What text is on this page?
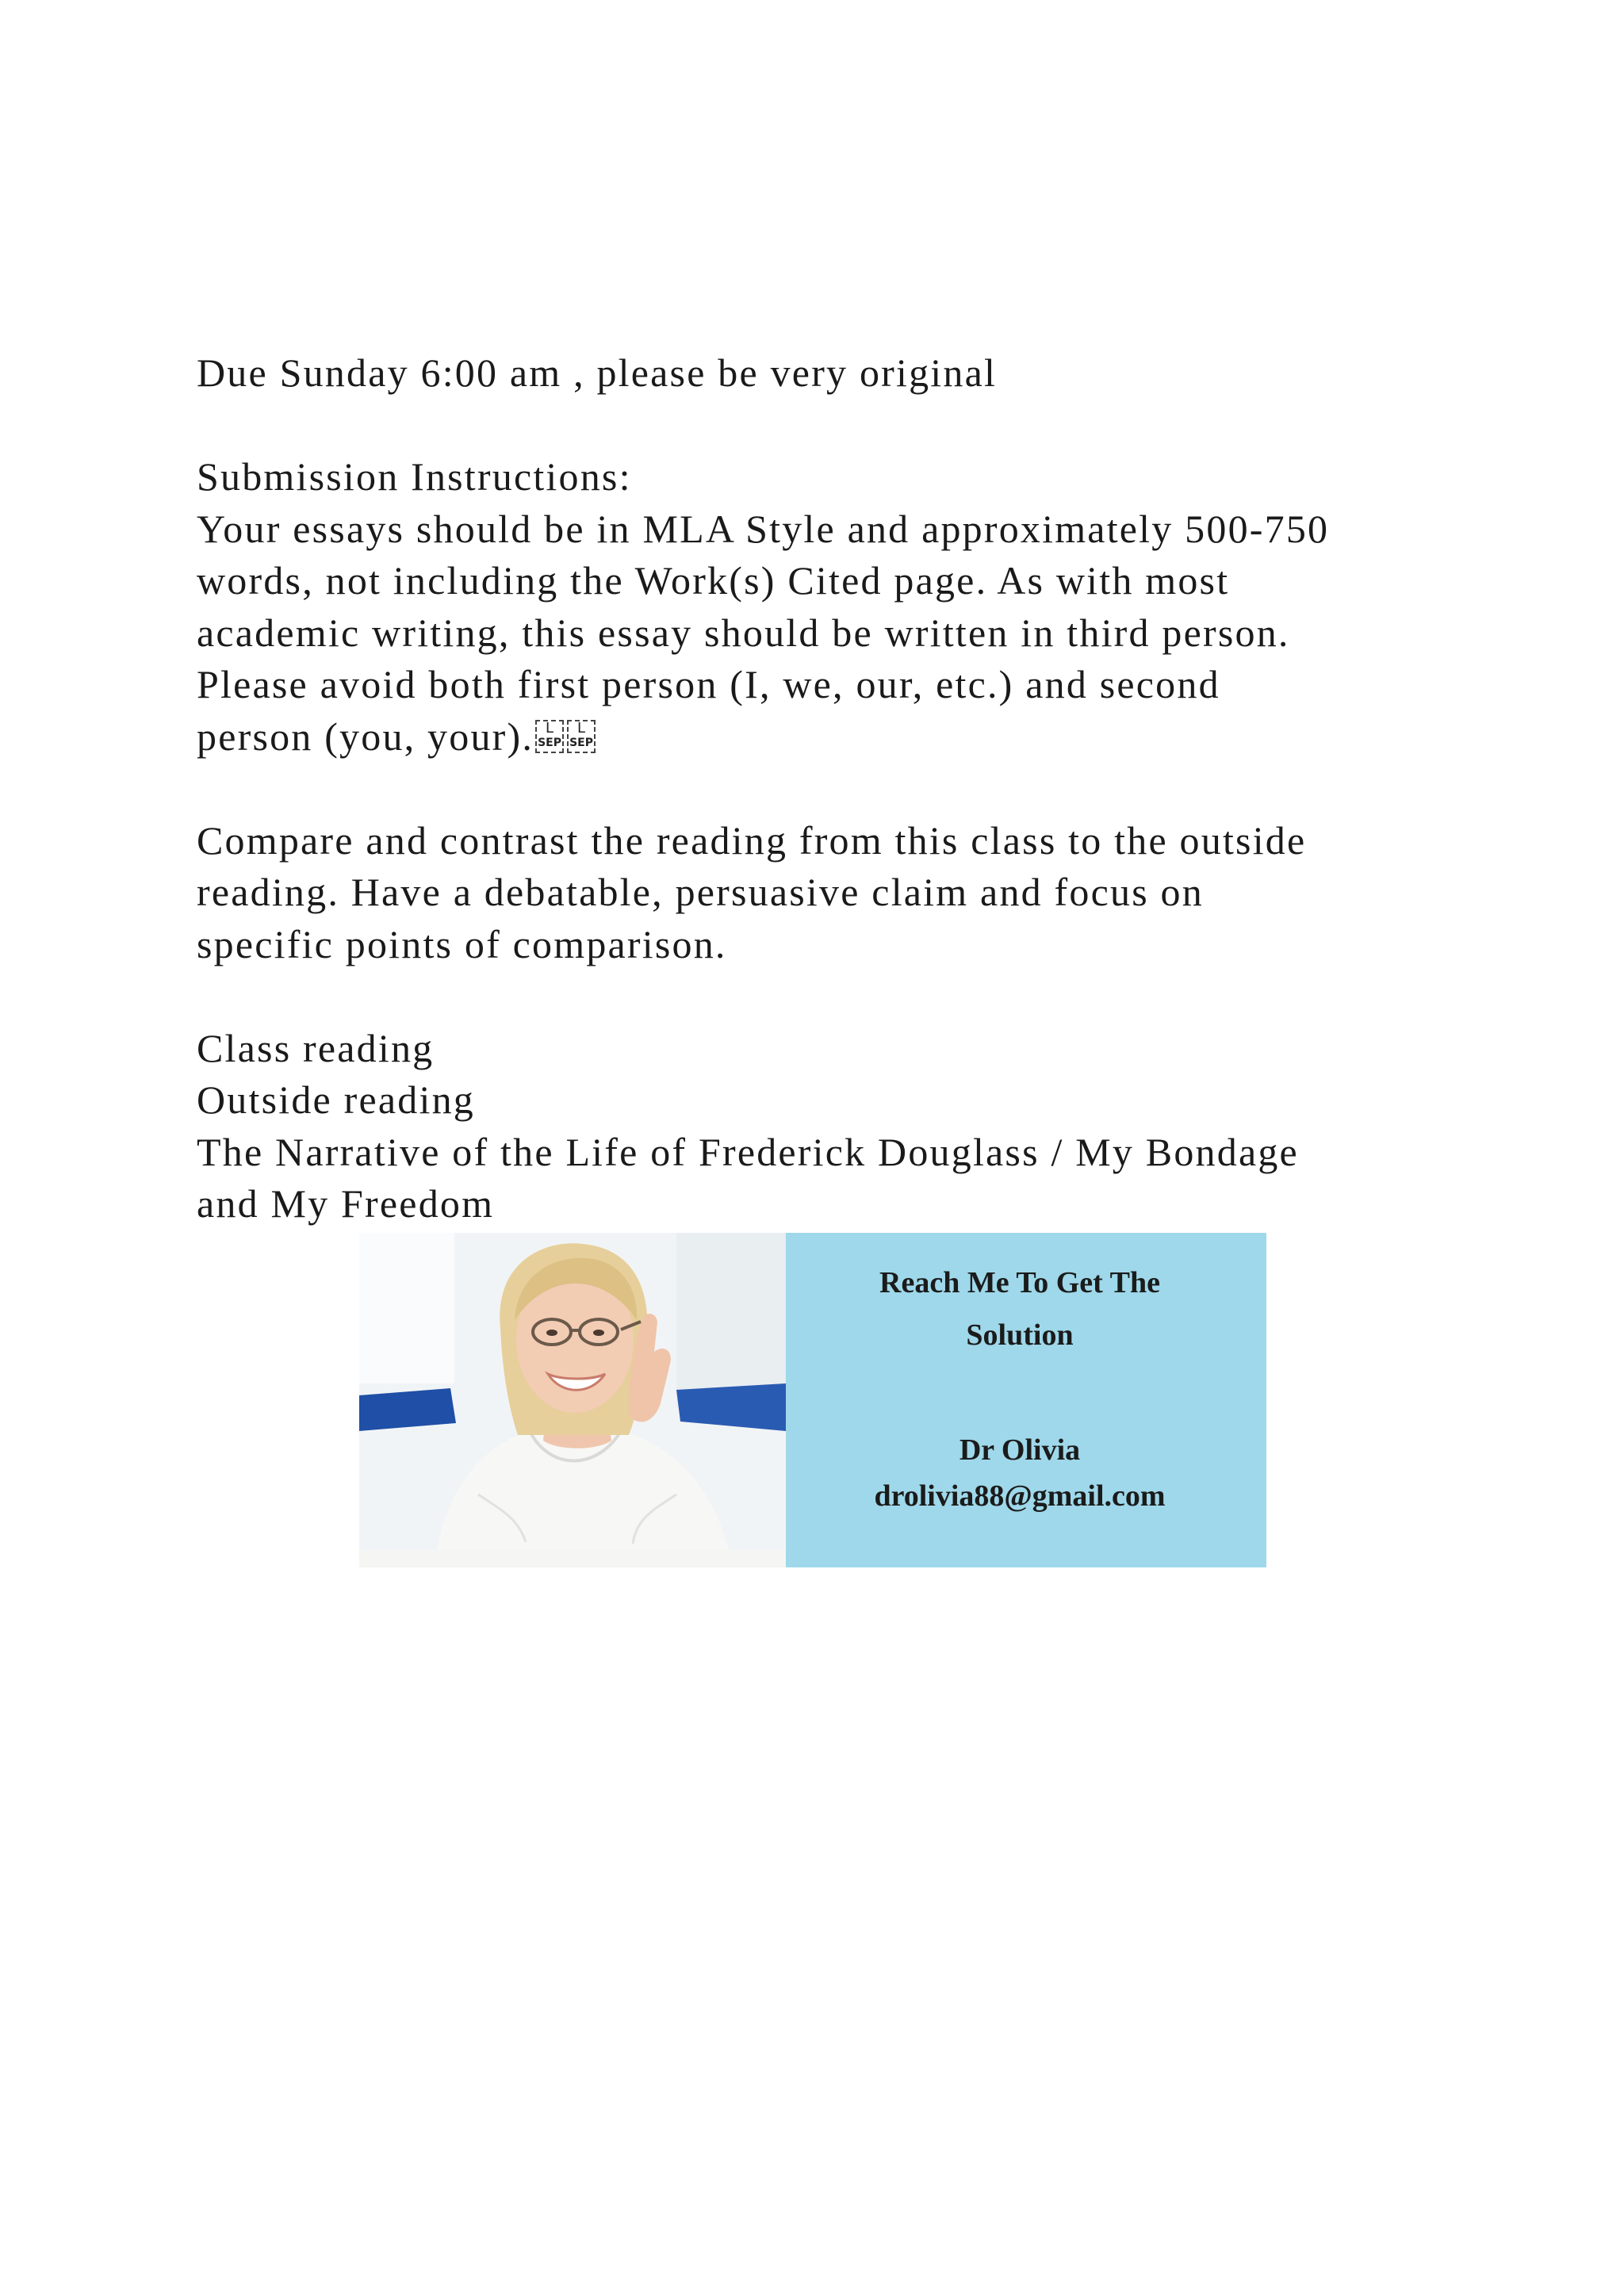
Due Sunday 6:00 am , please be very original
Submission Instructions:
Your essays should be in MLA Style and approximately 500-750
words, not including the Work(s) Cited page. As with most
academic writing, this essay should be written in third person.
Please avoid both first person (I, we, our, etc.) and second
person (you, your). L
SEP
L
SEP
Compare and contrast the reading from this class to the outside
reading. Have a debatable, persuasive claim and focus on
specific points of comparison.
Class reading
Outside reading
The Narrative of the Life of Frederick Douglass / My Bondage
and My Freedom
Reach Me To Get The
Solution
Dr Olivia
drolivia88@gmail.com
